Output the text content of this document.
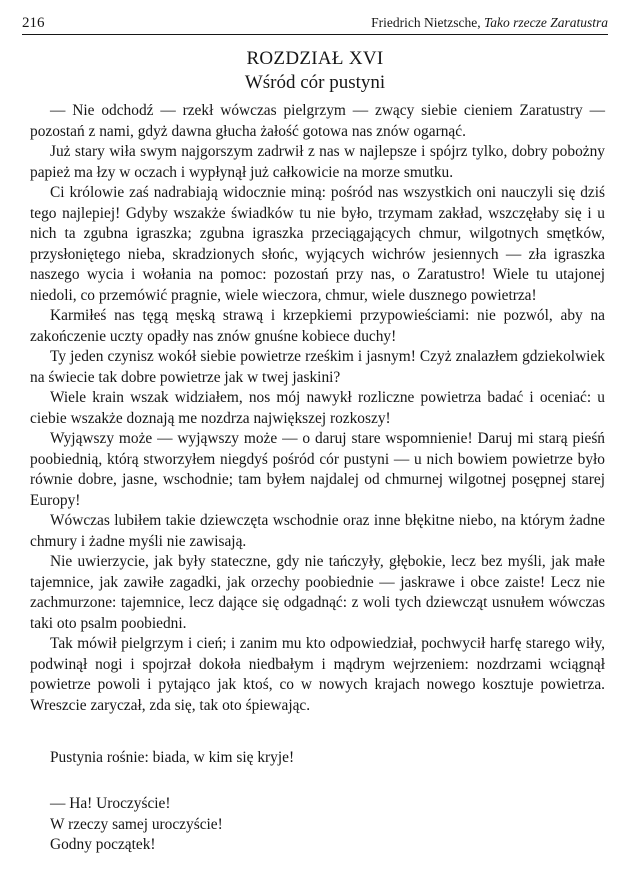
216	Friedrich Nietzsche, Tako rzecze Zaratustra
ROZDZIAŁ XVI
Wśród cór pustyni

— Nie odchodź — rzekł wówczas pielgrzym — zwący siebie cieniem Zaratustry — pozostań z nami, gdyż dawna głucha żałość gotowa nas znów ogarnąć.

Już stary wiła swym najgorszym zadrwił z nas w najlepsze i spójrz tylko, dobry pobożny papież ma łzy w oczach i wypłynął już całkowicie na morze smutku.

Ci królowie zaś nadrabiają widocznie miną: pośród nas wszystkich oni nauczyli się dziś tego najlepiej! Gdyby wszakże świadków tu nie było, trzymam zakład, wszczęłaby się i u nich ta zgubna igraszka; zgubna igraszka przeciągających chmur, wilgotnych smętków, przysłoniętego nieba, skradzionych słońc, wyjących wichrów jesiennych — zła igraszka naszego wycia i wołania na pomoc: pozostań przy nas, o Zaratustro! Wiele tu utajonej niedoli, co przemówić pragnie, wiele wieczora, chmur, wiele dusznego powietrza!

Karmiłeś nas tęgą męską strawą i krzepkiemi przypowieściami: nie pozwól, aby na zakończenie uczty opadły nas znów gnuśne kobiece duchy!

Ty jeden czynisz wokół siebie powietrze rześkim i jasnym! Czyż znalazłem gdziekolwiek na świecie tak dobre powietrze jak w twej jaskini?

Wiele krain wszak widziałem, nos mój nawykł rozliczne powietrza badać i oceniać: u ciebie wszakże doznają me nozdrza największej rozkoszy!

Wyjąwszy może — wyjąwszy może — o daruj stare wspomnienie! Daruj mi starą pieśń poobiednią, którą stworzyłem niegdyś pośród cór pustyni — u nich bowiem powietrze było równie dobre, jasne, wschodnie; tam byłem najdalej od chmurnej wilgotnej posępnej starej Europy!

Wówczas lubiłem takie dziewczęta wschodnie oraz inne błękitne niebo, na którym żadne chmury i żadne myśli nie zawisają.

Nie uwierzycie, jak były stateczne, gdy nie tańczyły, głębokie, lecz bez myśli, jak małe tajemnice, jak zawiłe zagadki, jak orzechy poobiednie — jaskrawe i obce zaiste! Lecz nie zachmurzone: tajemnice, lecz dające się odgadnąć: z woli tych dziewcząt usnułem wówczas taki oto psalm poobiedni.

Tak mówił pielgrzym i cień; i zanim mu kto odpowiedział, pochwycił harfę starego wiły, podwinął nogi i spojrzał dokoła niedbałym i mądrym wejrzeniem: nozdrzami wciągnął powietrze powoli i pytająco jak ktoś, co w nowych krajach nowego kosztuje powietrza. Wreszcie zaryczał, zda się, tak oto śpiewając.

Pustynia rośnie: biada, w kim się kryje!
— Ha! Uroczyście!
W rzeczy samej uroczyście!
Godny początek!
